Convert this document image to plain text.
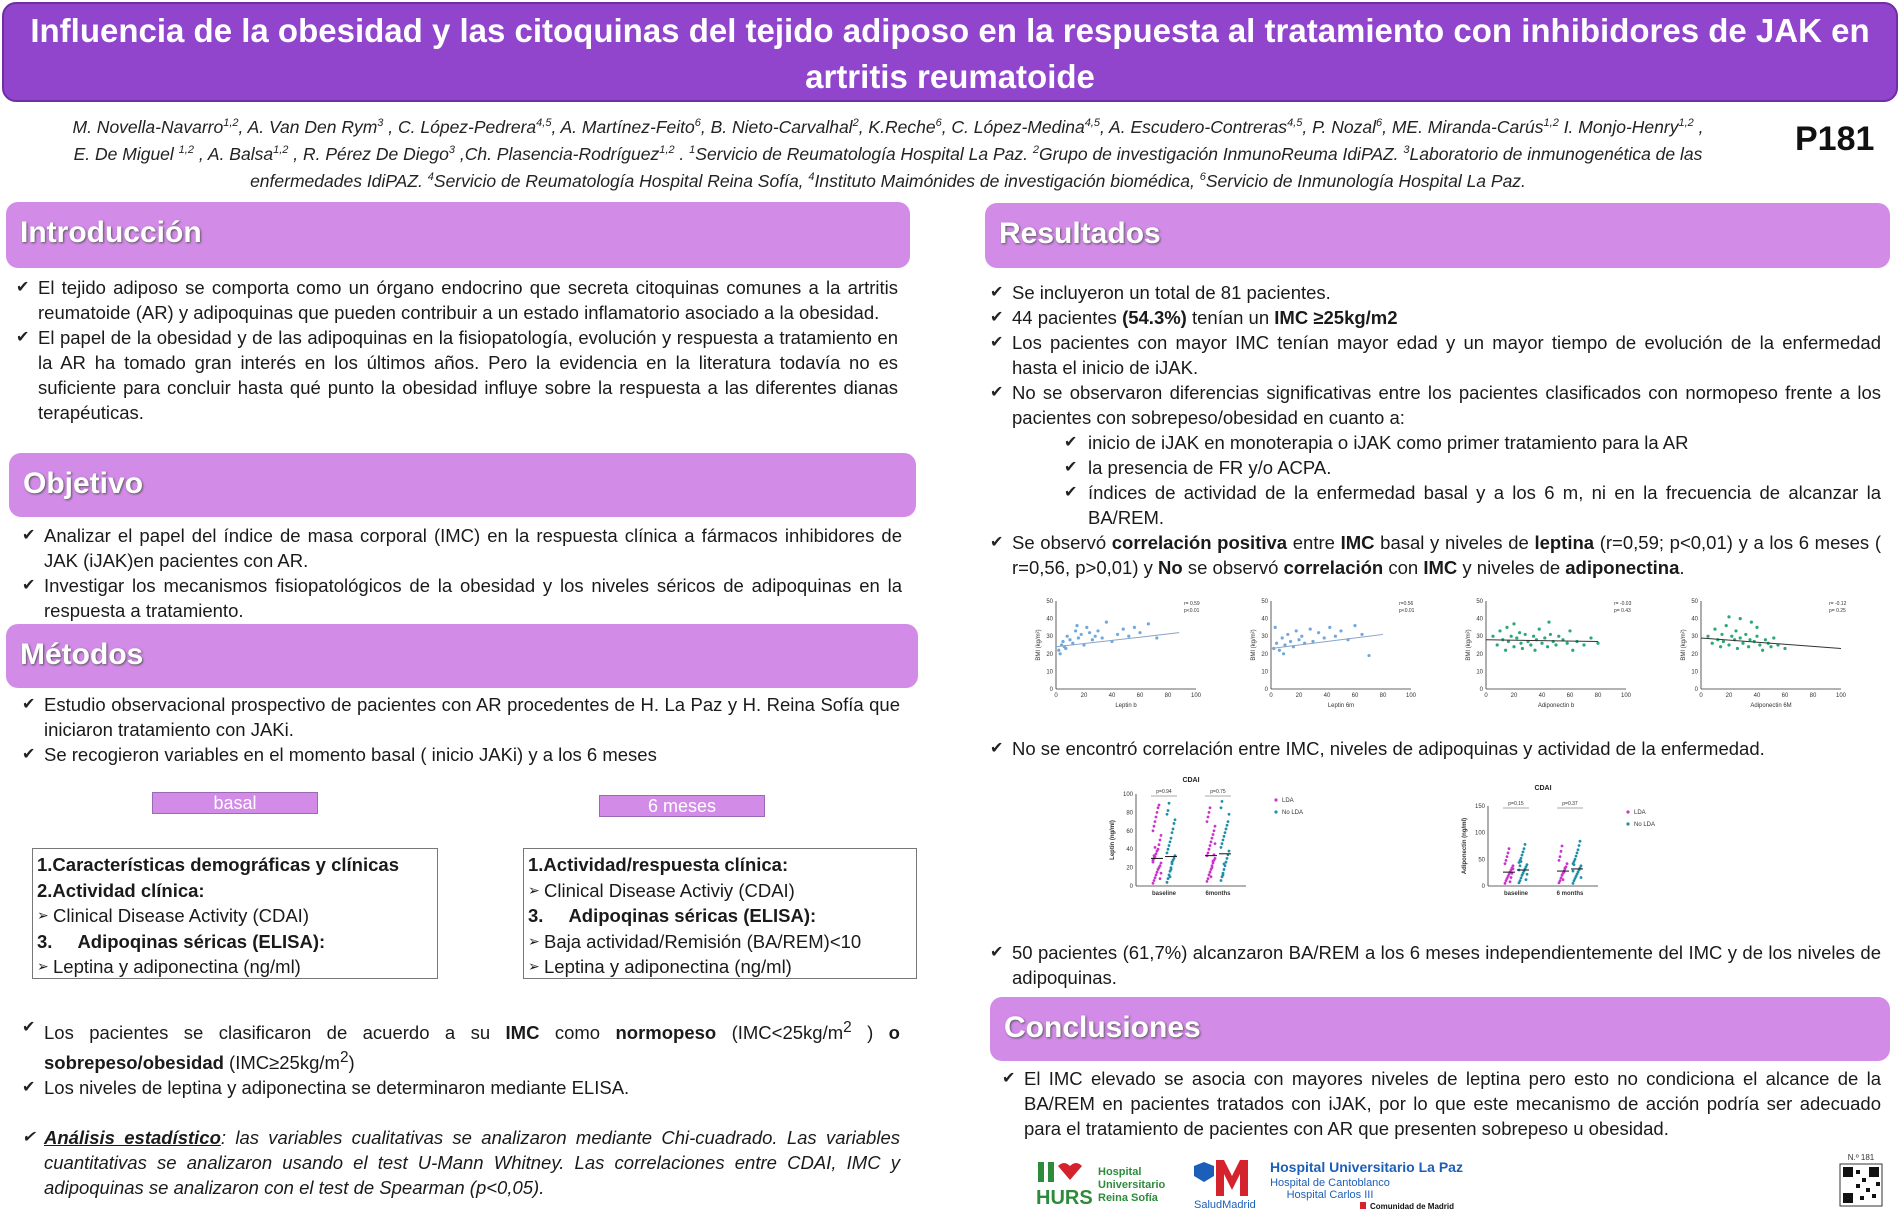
Influencia de la obesidad y las citoquinas del tejido adiposo en la respuesta al tratamiento con inhibidores de JAK en artritis reumatoide
M. Novella-Navarro$^{1,2}$, A. Van Den Rym$^3$ , C. López-Pedrera$^{4,5}$, A. Martínez-Feito$^6$, B. Nieto-Carvalhal$^2$, K.Reche$^6$, C. López-Medina$^{4,5}$, A. Escudero-Contreras$^{4,5}$, P. Nozal$^6$, ME. Miranda-Carús$^{1,2}$ I. Monjo-Henry$^{1,2}$ ,
E. De Miguel $^{1,2}$ , A. Balsa$^{1,2}$ , R. Pérez De Diego$^3$ ,Ch. Plasencia-Rodríguez$^{1,2}$ . $^1$Servicio de Reumatología Hospital La Paz. $^2$Grupo de investigación InmunoReuma IdiPAZ. $^3$Laboratorio de inmunogenética de las
enfermedades IdiPAZ. $^4$Servicio de Reumatología Hospital Reina Sofía, $^4$Instituto Maimónides de investigación biomédica, $^6$Servicio de Inmunología Hospital La Paz.
P181
Introducción
✔ El tejido adiposo se comporta como un órgano endocrino que secreta citoquinas comunes a la artritis reumatoide (AR) y adipoquinas que pueden contribuir a un estado inflamatorio asociado a la obesidad.
✔ El papel de la obesidad y de las adipoquinas en la fisiopatología, evolución y respuesta a tratamiento en la AR ha tomado gran interés en los últimos años. Pero la evidencia en la literatura todavía no es suficiente para concluir hasta qué punto la obesidad influye sobre la respuesta a las diferentes dianas terapéuticas.
Objetivo
✔ Analizar el papel del índice de masa corporal (IMC) en la respuesta clínica a fármacos inhibidores de JAK (iJAK)en pacientes con AR.
✔ Investigar los mecanismos fisiopatológicos de la obesidad y los niveles séricos de adipoquinas en la respuesta a tratamiento.
Métodos
✔ Estudio observacional prospectivo de pacientes con AR procedentes de H. La Paz y H. Reina Sofía que iniciaron tratamiento con JAKi.
✔ Se recogieron variables en el momento basal ( inicio JAKi) y a los 6 meses
basal	6 meses
1.Características demográficas y clínicas
2.Actividad clínica:
➢ Clinical Disease Activity (CDAI)
3.     Adipoqinas séricas (ELISA):
➢ Leptina y adiponectina (ng/ml)
1.Actividad/respuesta clínica:
➢ Clinical Disease Activiy (CDAI)
3.     Adipoqinas séricas (ELISA):
➢ Baja actividad/Remisión (BA/REM)<10
➢ Leptina y adiponectina (ng/ml)
✔ Los pacientes se clasificaron de acuerdo a su IMC como normopeso ($IMC<25kg/m^2$ ) o sobrepeso/obesidad $(IMC\ge 25kg/m^2)$
✔ Los niveles de leptina y adiponectina se determinaron mediante ELISA.
✔ Análisis estadístico: las variables cualitativas se analizaron mediante Chi-cuadrado. Las variables cuantitativas se analizaron usando el test U-Mann Whitney. Las correlaciones entre CDAI, IMC y adipoquinas se analizaron con el test de Spearman (p<0,05).
Resultados
✔ Se incluyeron un total de 81 pacientes.
✔ 44 pacientes (54.3%) tenían un IMC ≥25kg/m2
✔ Los pacientes con mayor IMC tenían mayor edad y un mayor tiempo de evolución de la enfermedad hasta el inicio de iJAK.
✔ No se observaron diferencias significativas entre los pacientes clasificados con normopeso frente a los pacientes con sobrepeso/obesidad en cuanto a:
✔ inicio de iJAK en monoterapia o iJAK como primer tratamiento para la AR
✔ la presencia de FR y/o ACPA.
✔ índices de actividad de la enfermedad basal y a los 6 m, ni en la frecuencia de alcanzar la BA/REM.
✔ Se observó correlación positiva entre IMC basal y niveles de leptina (r=0,59; p<0,01) y a los 6 meses ( r=0,56, p>0,01) y No se observó correlación con IMC y niveles de adiponectina.
0
10
20
30
40
50
0	20	40	60	80	100
Leptin b
BMI (kg/m²)
r= 0.59
p<0.01
0
10
20
30
40
50
0	20	40	60	80	100
Leptin 6m
BMI (kg/m²)
r=0.56
p<0.01
0
10
20
30
40
50
0	20	40	60	80	100
Adiponectin b
BMI (kg/m²)
r= -0.03
p= 0.43
0
10
20
30
40
50
0	20	40	60	80	100
Adiponectin 6M
BMI (kg/m²)
r= -0.12
p= 0.25
✔ No se encontró correlación entre IMC, niveles de adipoquinas y actividad de la enfermedad.
CDAI
0
20
40
60
80
100
Leptin (ng/ml)
baseline
p=0.94
6months
p=0.75
LDA
No LDA
CDAI
0
50
100
150
Adiponectin (ng/ml)
baseline
p=0.15
6 months
p=0.37
LDA
No LDA
✔ 50 pacientes (61,7%) alcanzaron BA/REM a los 6 meses independientemente del IMC y de los niveles de adipoquinas.
Conclusiones
✔ El IMC elevado se asocia con mayores niveles de leptina pero esto no condiciona el alcance de la BA/REM en pacientes tratados con iJAK, por lo que este mecanismo de acción podría ser adecuado para el tratamiento de pacientes con AR que presenten sobrepeso u obesidad.
HURS
Hospital Universitario Reina Sofía
SaludMadrid
Hospital Universitario La Paz
Hospital de Cantoblanco
Hospital Carlos III
Comunidad de Madrid
N.º 181
